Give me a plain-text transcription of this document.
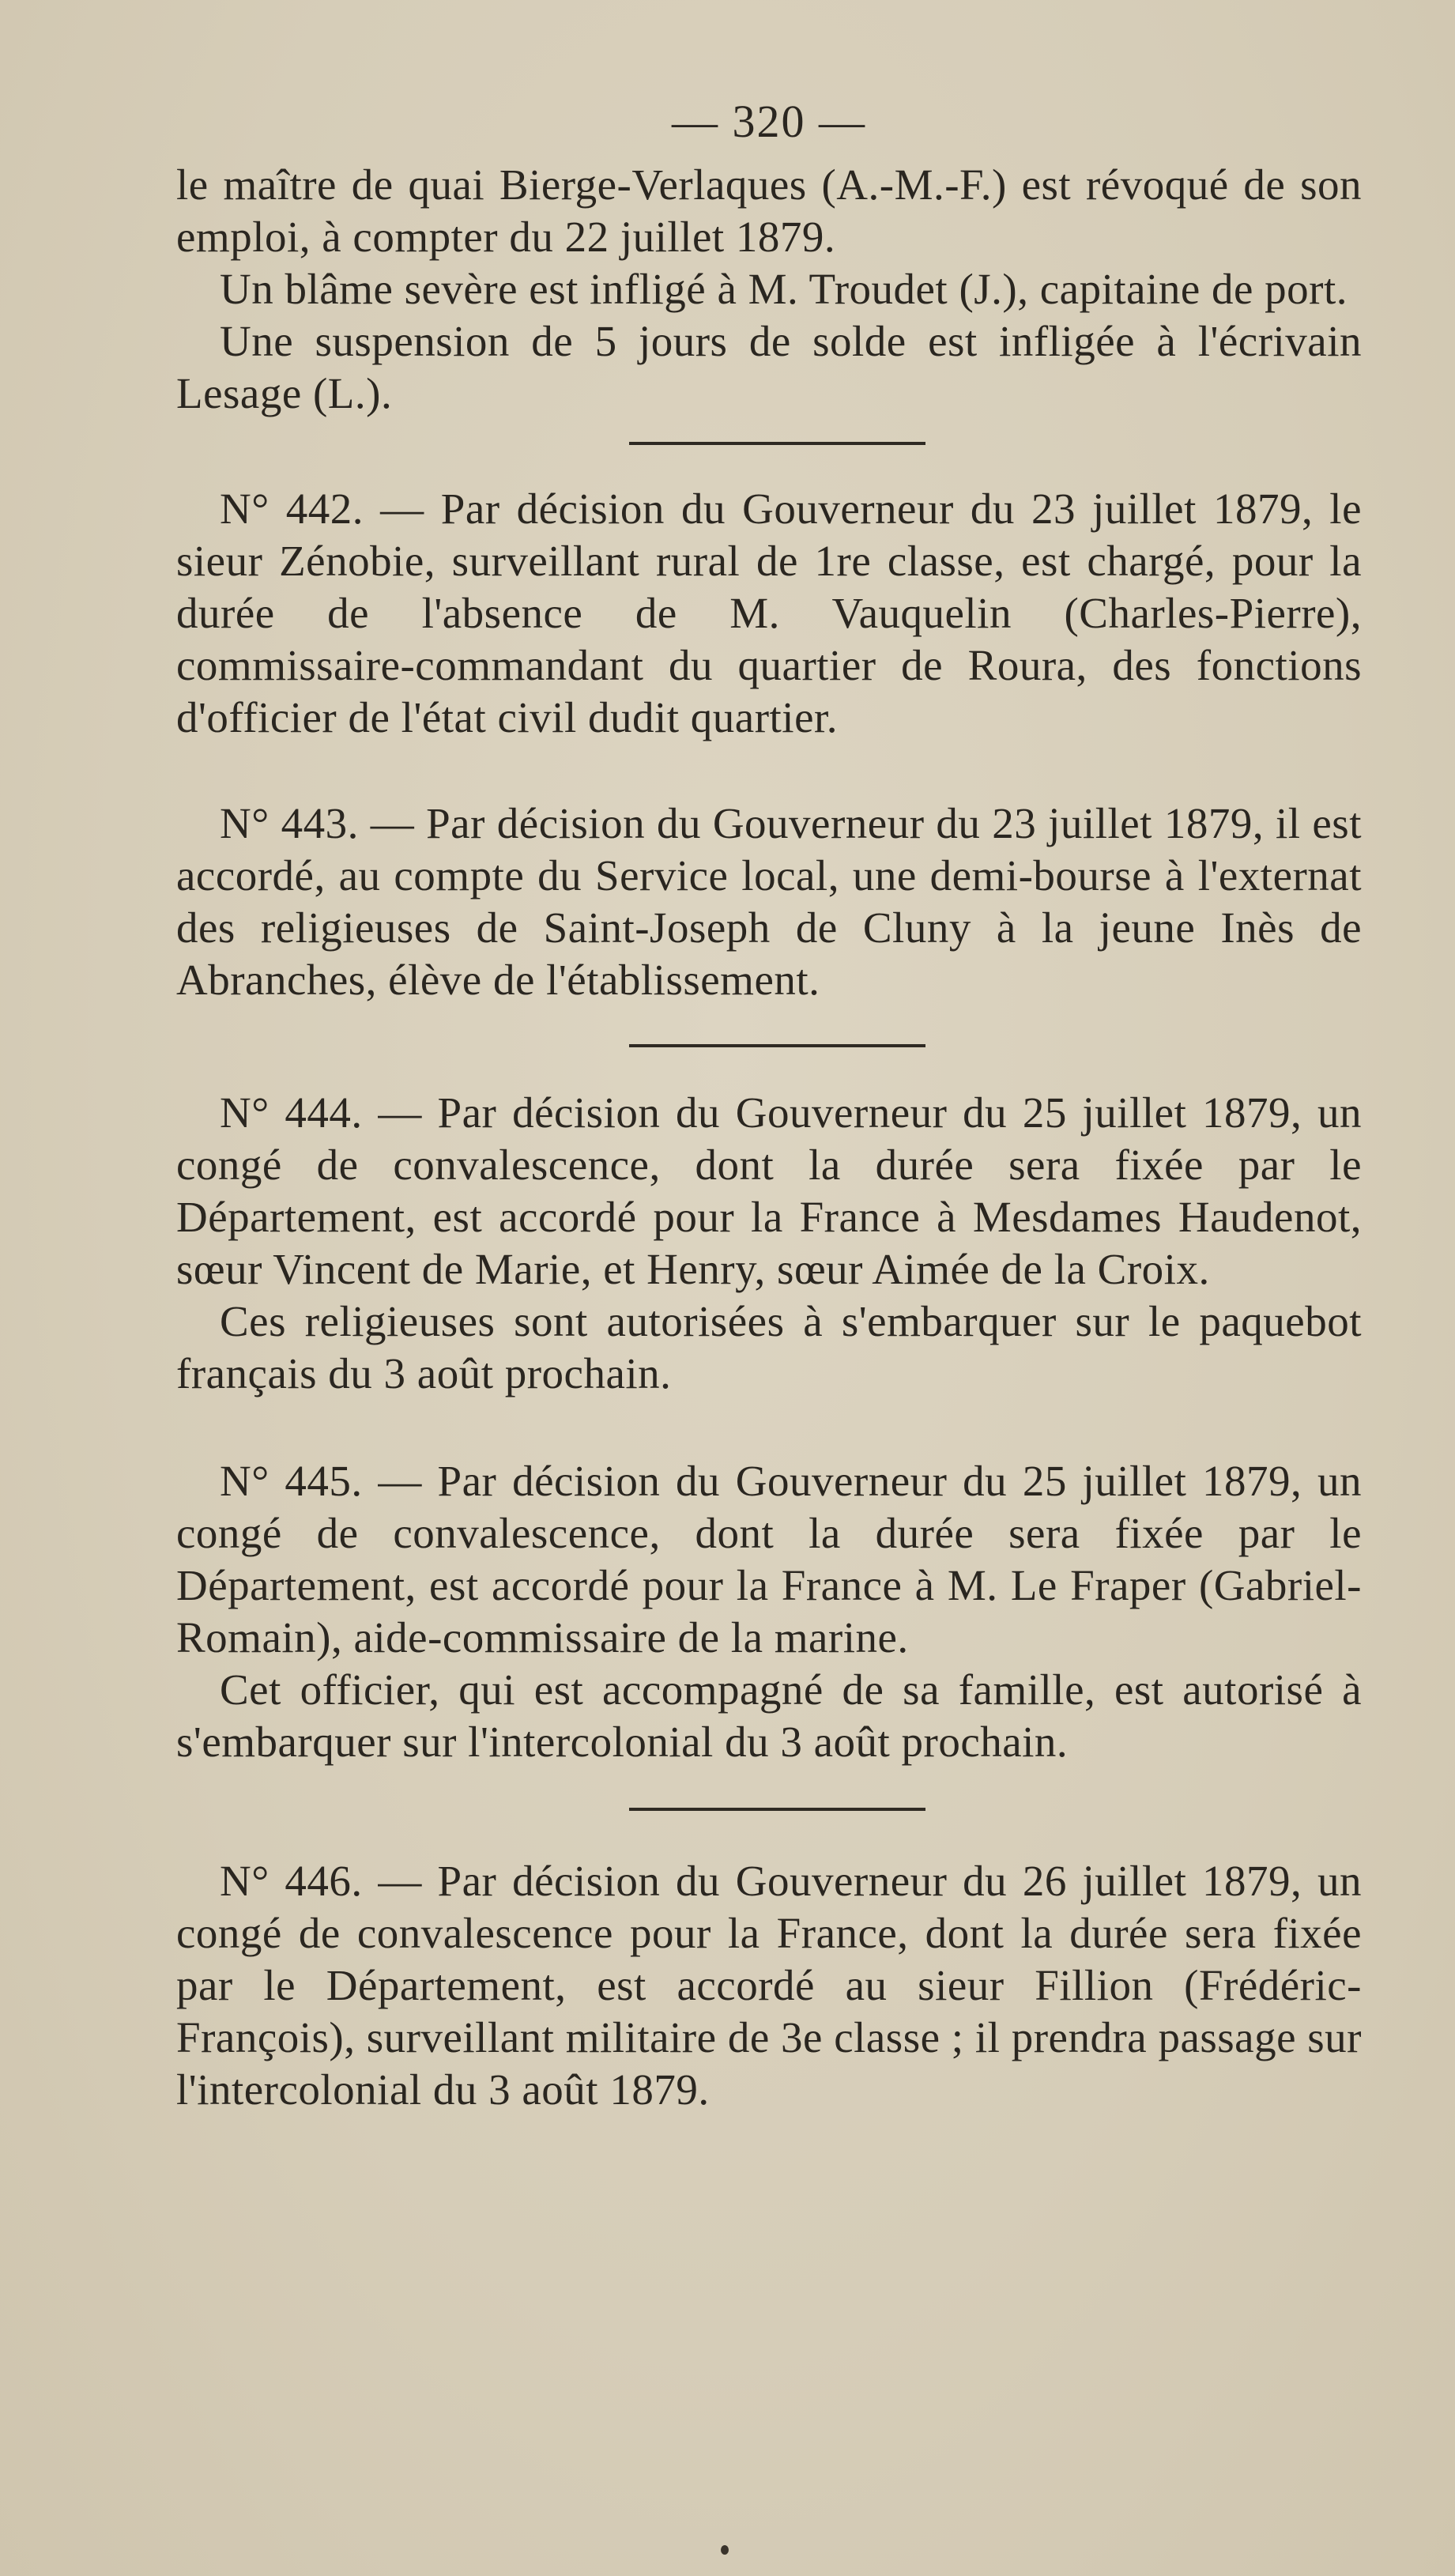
— 320 —

le maître de quai Bierge-Verlaques (A.-M.-F.) est révoqué de son emploi, à compter du 22 juillet 1879.

Un blâme sevère est infligé à M. Troudet (J.), capitaine de port.

Une suspension de 5 jours de solde est infligée à l'écrivain Lesage (L.).

N° 442. — Par décision du Gouverneur du 23 juillet 1879, le sieur Zénobie, surveillant rural de 1re classe, est chargé, pour la durée de l'absence de M. Vauquelin (Charles-Pierre), commissaire-commandant du quartier de Roura, des fonctions d'officier de l'état civil dudit quartier.

N° 443. — Par décision du Gouverneur du 23 juillet 1879, il est accordé, au compte du Service local, une demi-bourse à l'externat des religieuses de Saint-Joseph de Cluny à la jeune Inès de Abranches, élève de l'établissement.

N° 444. — Par décision du Gouverneur du 25 juillet 1879, un congé de convalescence, dont la durée sera fixée par le Département, est accordé pour la France à Mesdames Haudenot, sœur Vincent de Marie, et Henry, sœur Aimée de la Croix.

Ces religieuses sont autorisées à s'embarquer sur le paquebot français du 3 août prochain.

N° 445. — Par décision du Gouverneur du 25 juillet 1879, un congé de convalescence, dont la durée sera fixée par le Département, est accordé pour la France à M. Le Fraper (Gabriel-Romain), aide-commissaire de la marine.

Cet officier, qui est accompagné de sa famille, est autorisé à s'embarquer sur l'intercolonial du 3 août prochain.

N° 446. — Par décision du Gouverneur du 26 juillet 1879, un congé de convalescence pour la France, dont la durée sera fixée par le Département, est accordé au sieur Fillion (Frédéric-François), surveillant militaire de 3e classe ; il prendra passage sur l'intercolonial du 3 août 1879.
